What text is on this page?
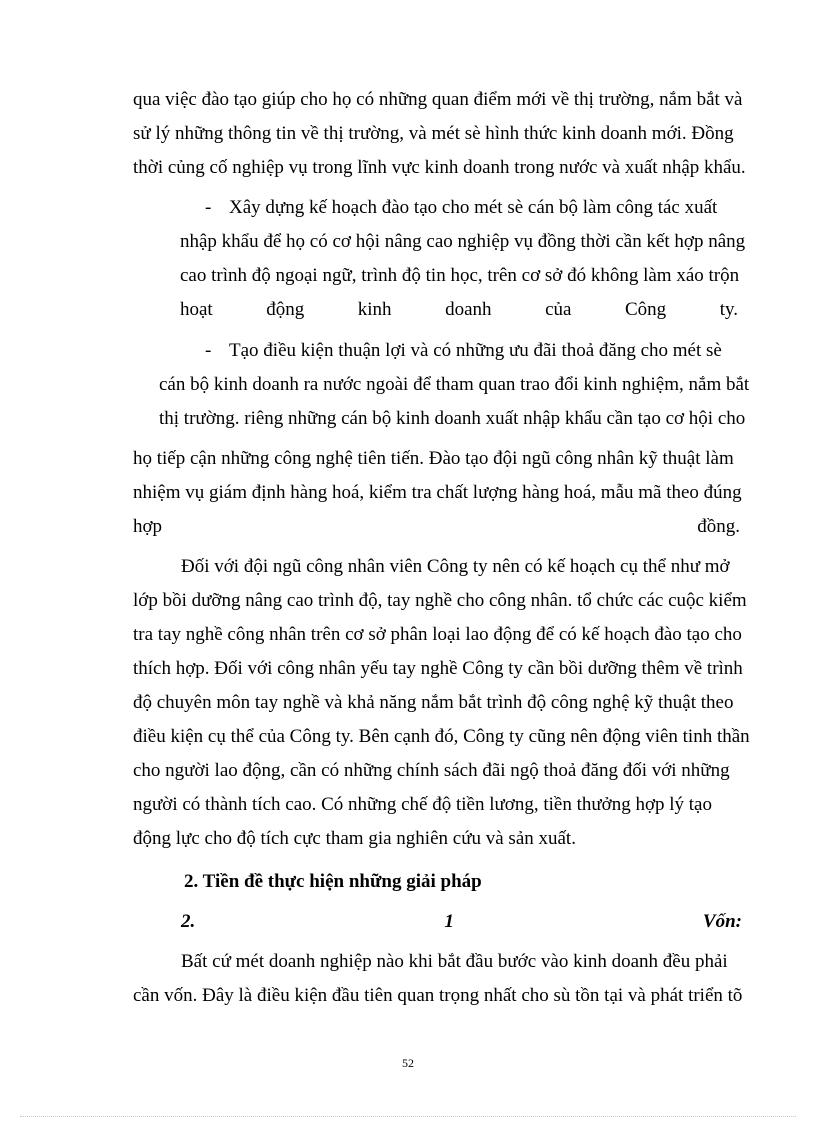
qua việc đào tạo giúp cho họ có những quan điểm mới về thị trường, nắm bắt và
sử lý những thông tin về thị trường, và mét sè hình thức kinh doanh mới. Đồng
thời củng cố nghiệp vụ trong lĩnh vực kinh doanh trong nước và xuất nhập khẩu.
- Xây dựng kế hoạch đào tạo cho mét sè cán bộ làm công tác xuất
nhập khẩu để họ có cơ hội nâng cao nghiệp vụ đồng thời cần kết hợp nâng
cao trình độ ngoại ngữ, trình độ tin học, trên cơ sở đó không làm xáo trộn
hoạt	động	kinh	doanh	của	Công	ty.
- Tạo điều kiện thuận lợi và có những ưu đãi thoả đăng cho mét sè
cán bộ kinh doanh ra nước ngoài để tham quan trao đổi kinh nghiệm, nắm bắt
thị trường. riêng những cán bộ kinh doanh xuất nhập khẩu cần tạo cơ hội cho
họ tiếp cận những công nghệ tiên tiến. Đào tạo đội ngũ công nhân kỹ thuật làm
nhiệm vụ giám định hàng hoá, kiểm tra chất lượng hàng hoá, mẫu mã theo đúng
hợp	đồng.
Đối với đội ngũ công nhân viên Công ty nên có kế hoạch cụ thể như mở
lớp bồi dưỡng nâng cao trình độ, tay nghề cho công nhân. tổ chức các cuộc kiểm
tra tay nghề công nhân trên cơ sở phân loại lao động để có kế hoạch đào tạo cho
thích hợp. Đối với công nhân yếu tay nghề Công ty cần bồi dưỡng thêm về trình
độ chuyên môn tay nghề và khả năng nắm bắt trình độ công nghệ kỹ thuật theo
điều kiện cụ thể của Công ty. Bên cạnh đó, Công ty cũng nên động viên tinh thần
cho người lao động, cần có những chính sách đãi ngộ thoả đăng đối với những
người có thành tích cao. Có những chế độ tiền lương, tiền thưởng hợp lý tạo
động lực cho độ tích cực tham gia nghiên cứu và sản xuất.
2. Tiền đề thực hiện những giải pháp
2.	1	Vốn:
Bất cứ mét doanh nghiệp nào khi bắt đầu bước vào kinh doanh đều phải
cần vốn. Đây là điều kiện đầu tiên quan trọng nhất cho sù tồn tại và phát triển tõ
52
